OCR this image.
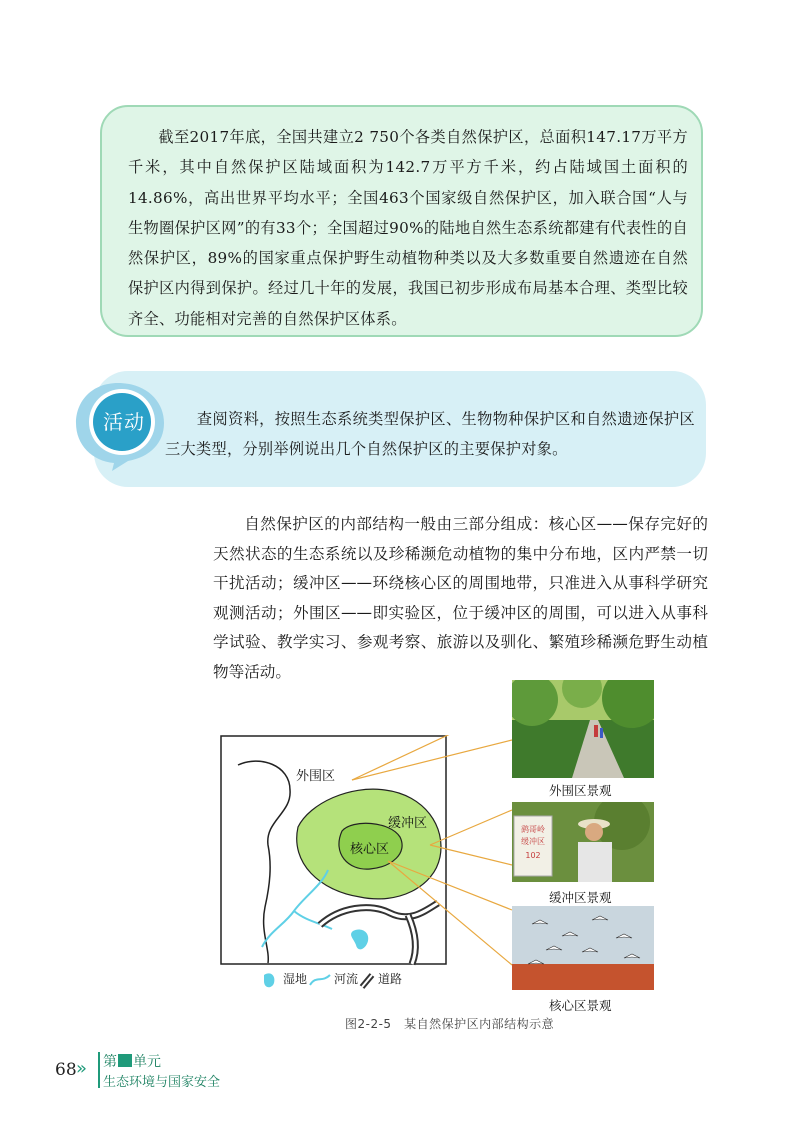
截至2017年底，全国共建立2 750个各类自然保护区，总面积147.17万平方千米，其中自然保护区陆域面积为142.7万平方千米，约占陆域国土面积的14.86%，高出世界平均水平；全国463个国家级自然保护区，加入联合国“人与生物圈保护区网”的有33个；全国超过90%的陆地自然生态系统都建有代表性的自然保护区，89%的国家重点保护野生动植物种类以及大多数重要自然遗迹在自然保护区内得到保护。经过几十年的发展，我国已初步形成布局基本合理、类型比较齐全、功能相对完善的自然保护区体系。

活动	查阅资料，按照生态系统类型保护区、生物物种保护区和自然遗迹保护区三大类型，分别举例说出几个自然保护区的主要保护对象。

自然保护区的内部结构一般由三部分组成：核心区——保存完好的天然状态的生态系统以及珍稀濒危动植物的集中分布地，区内严禁一切干扰活动；缓冲区——环绕核心区的周围地带，只准进入从事科学研究观测活动；外围区——即实验区，位于缓冲区的周围，可以进入从事科学试验、教学实习、参观考察、旅游以及驯化、繁殖珍稀濒危野生动植物等活动。

外围区
缓冲区
核心区
湿地 河流 道路
外围区景观
鹞哥岭
缓冲区
102
缓冲区景观
核心区景观
图2-2-5　某自然保护区内部结构示意
68 » 第 单元
生态环境与国家安全
